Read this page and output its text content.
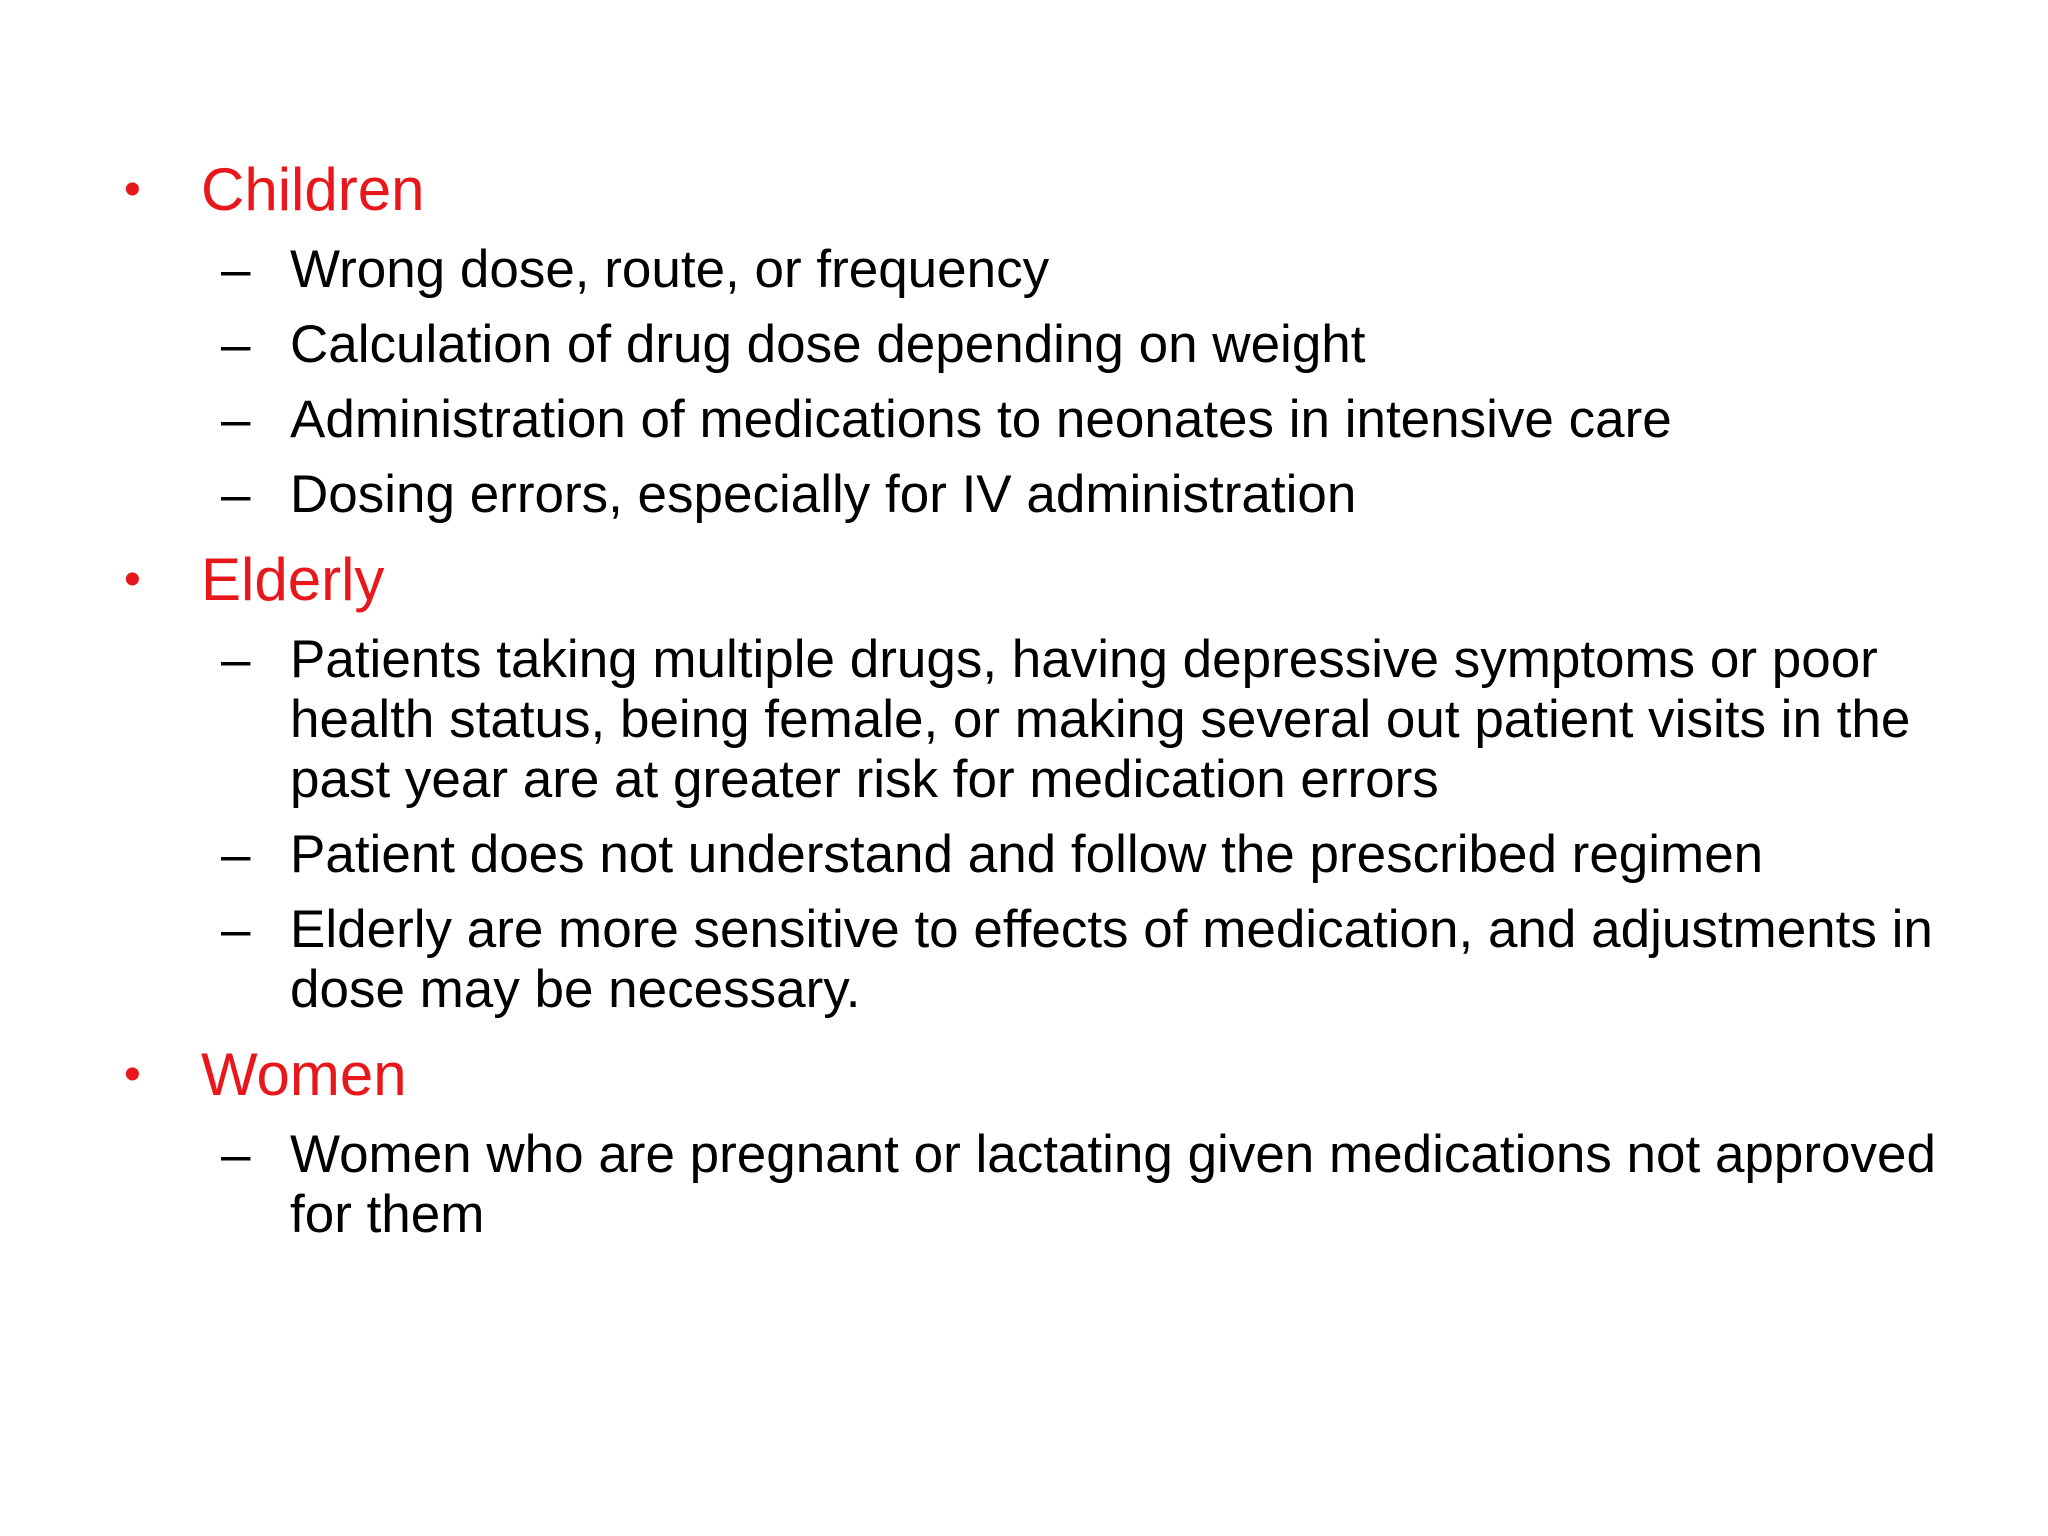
• Children
– Wrong dose, route, or frequency
– Calculation of drug dose depending on weight
– Administration of medications to neonates in intensive care
– Dosing errors, especially for IV administration
• Elderly
– Patients taking multiple drugs, having depressive symptoms or poor health status, being female, or making several out patient visits in the past year are at greater risk for medication errors
– Patient does not understand and follow the prescribed regimen
– Elderly are more sensitive to effects of medication, and adjustments in dose may be necessary.
• Women
– Women who are pregnant or lactating given medications not approved for them
